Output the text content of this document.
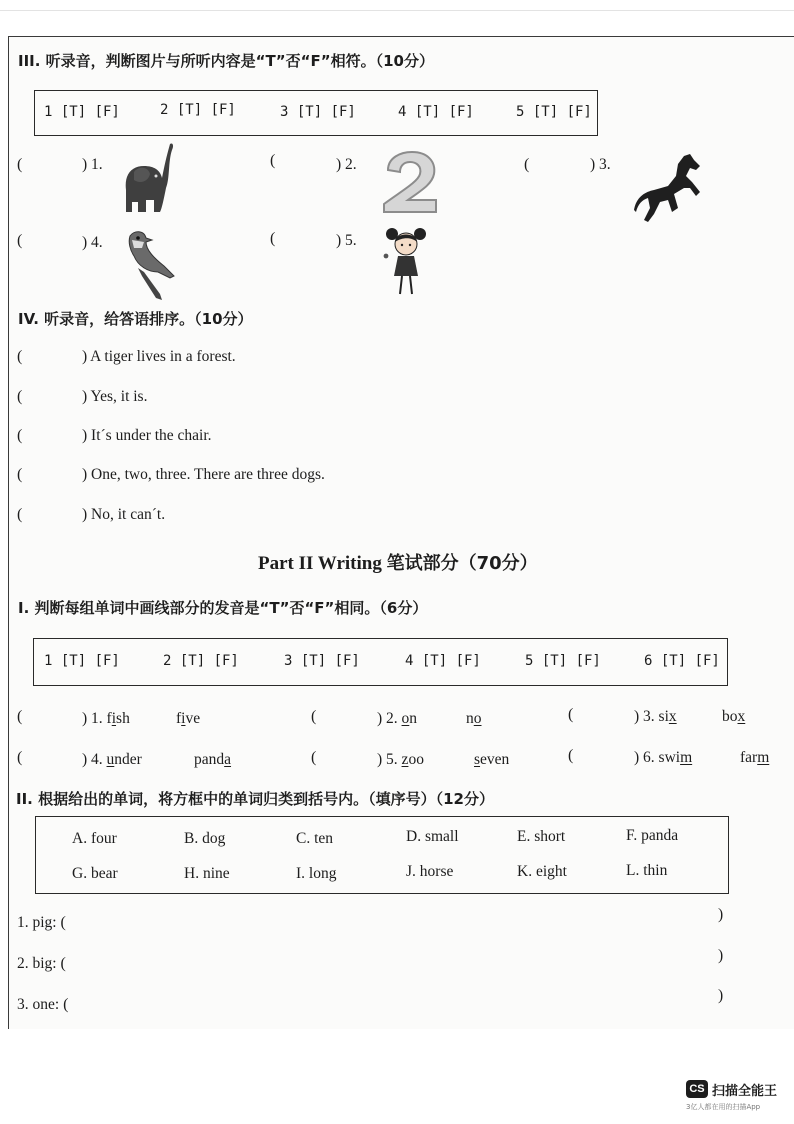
III. 听录音，判断图片与所听内容是“T”否“F”相符。（10分）
1 [T] [F]	2 [T] [F]	3 [T] [F]	4 [T] [F]	5 [T] [F]
(	) 1.	(	) 2.	(	) 3.
(	) 4.	(	) 5.
IV. 听录音，给答语排序。（10分）
(	) A tiger lives in a forest.
(	) Yes, it is.
(	) It´s under the chair.
(	) One, two, three. There are three dogs.
(	) No, it can´t.
Part II Writing 笔试部分（70分）
I. 判断每组单词中画线部分的发音是“T”否“F”相同。（6分）
1 [T] [F]	2 [T] [F]	3 [T] [F]	4 [T] [F]	5 [T] [F]	6 [T] [F]
(	) 1. fish	five	(	) 2. on	no	(	) 3. six	box
(	) 4. under	panda	(	) 5. zoo	seven	(	) 6. swim	farm
II. 根据给出的单词，将方框中的单词归类到括号内。（填序号）（12分）
A. four	B. dog	C. ten	D. small	E. short	F. panda
G. bear	H. nine	I. long	J. horse	K. eight	L. thin
1. pig: (	)
2. big: (	)
3. one: (
)
CS 扫描全能王
3亿人都在用的扫描App
